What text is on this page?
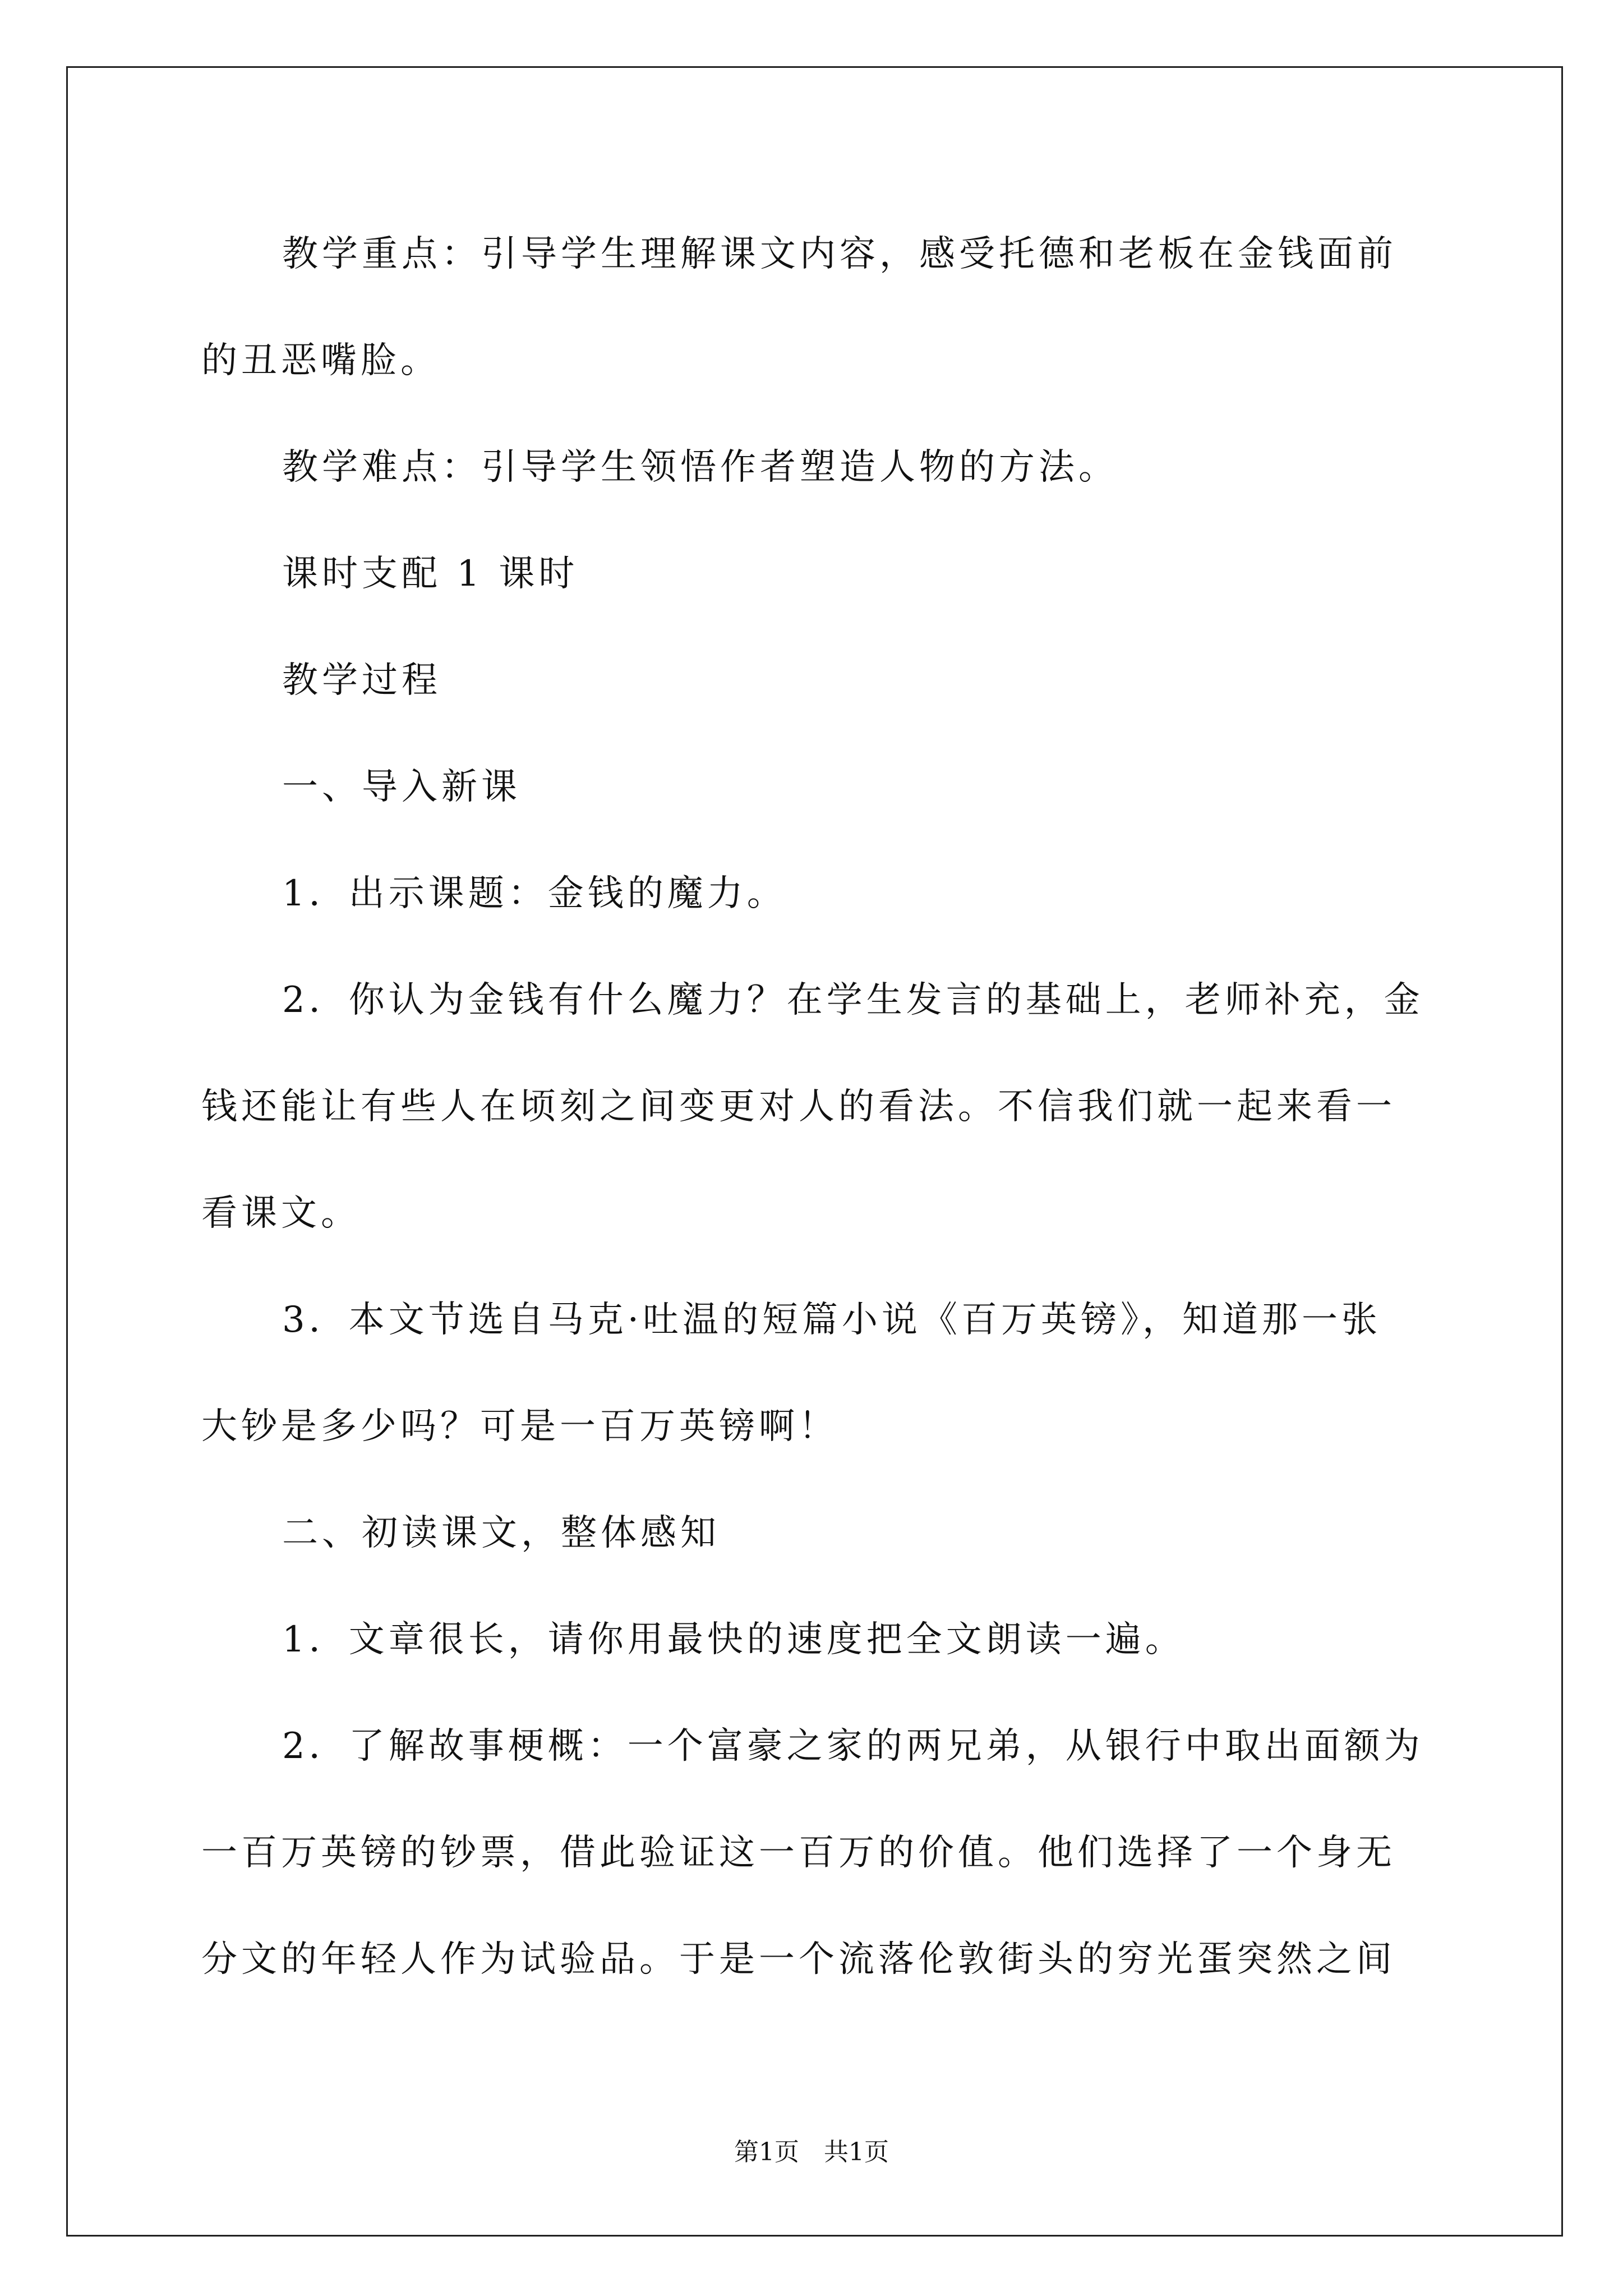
教学重点：引导学生理解课文内容，感受托德和老板在金钱面前
的丑恶嘴脸。
教学难点：引导学生领悟作者塑造人物的方法。
课时支配 1 课时
教学过程
一、导入新课
1．出示课题：金钱的魔力。
2．你认为金钱有什么魔力？在学生发言的基础上，老师补充，金
钱还能让有些人在顷刻之间变更对人的看法。不信我们就一起来看一
看课文。
3．本文节选自马克·吐温的短篇小说《百万英镑》，知道那一张
大钞是多少吗？可是一百万英镑啊！
二、初读课文，整体感知
1．文章很长，请你用最快的速度把全文朗读一遍。
2．了解故事梗概：一个富豪之家的两兄弟，从银行中取出面额为
一百万英镑的钞票，借此验证这一百万的价值。他们选择了一个身无
分文的年轻人作为试验品。于是一个流落伦敦街头的穷光蛋突然之间
第1页　共1页
